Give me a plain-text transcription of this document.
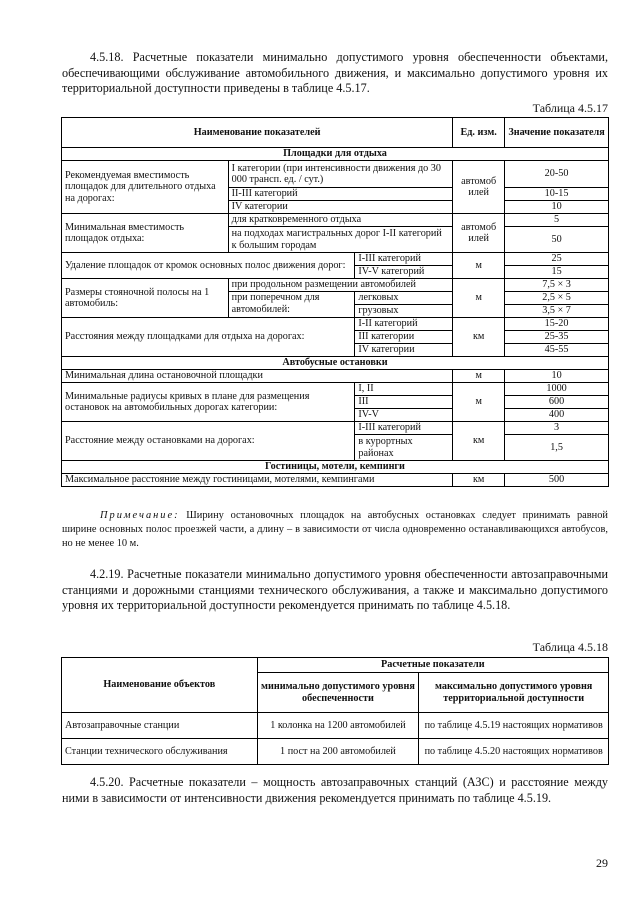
4.5.18. Расчетные показатели минимально допустимого уровня обеспеченности объектами, обеспечивающими обслуживание автомобильного движения, и максимально допустимого уровня их территориальной доступности приведены в таблице 4.5.17.

Таблица 4.5.17
Наименование показателей			Ед. изм.	Значение показателя
Площадки для отдыха				
Рекомендуемая вместимость площадок для длительного отдыха на дорогах:	I категории (при интенсивности движения до 30 000 трансп. ед. / сут.)		автомоб илей	20-50
	II-III категорий			10-15
	IV категории			10
Минимальная вместимость площадок отдыха:	для кратковременного отдыха		автомоб илей	5
	на подходах магистральных дорог I-II категорий к большим городам			50
Удаление площадок от кромок основных полос движения дорог:		I-III категорий	м	25
		IV-V категорий		15
Размеры стояночной полосы на 1 автомобиль:	при продольном размещении автомобилей		м	7,5 × 3
	при поперечном для автомобилей:	легковых		2,5 × 5
		грузовых		3,5 × 7
Расстояния между площадками для отдыха на дорогах:		I-II категорий	км	15-20
		III категории		25-35
		IV категории		45-55
Автобусные остановки				
Минимальная длина остановочной площадки			м	10
Минимальные радиусы кривых в плане для размещения остановок на автомобильных дорогах категории:		I, II	м	1000
		III		600
		IV-V		400
Расстояние между остановками на дорогах:		I-III категорий	км	3
		в курортных районах		1,5
Гостиницы, мотели, кемпинги				
Максимальное расстояние между гостиницами, мотелями, кемпингами			км	500
Примечание: Ширину остановочных площадок на автобусных остановках следует принимать равной ширине основных полос проезжей части, а длину – в зависимости от числа одновременно останавливающихся автобусов, но не менее 10 м.

4.2.19. Расчетные показатели минимально допустимого уровня обеспеченности автозаправочными станциями и дорожными станциями технического обслуживания, а также и максимально допустимого уровня их территориальной доступности рекомендуется принимать по таблице 4.5.18.

Таблица 4.5.18
Наименование объектов	Расчетные показатели	
	минимально допустимого уровня обеспеченности	максимально допустимого уровня территориальной доступности
Автозаправочные станции	1 колонка на 1200 автомобилей	по таблице 4.5.19 настоящих нормативов
Станции технического обслуживания	1 пост на 200 автомобилей	по таблице 4.5.20 настоящих нормативов

4.5.20. Расчетные показатели – мощность автозаправочных станций (АЗС) и расстояние между ними в зависимости от интенсивности движения рекомендуется принимать по таблице 4.5.19.

29
